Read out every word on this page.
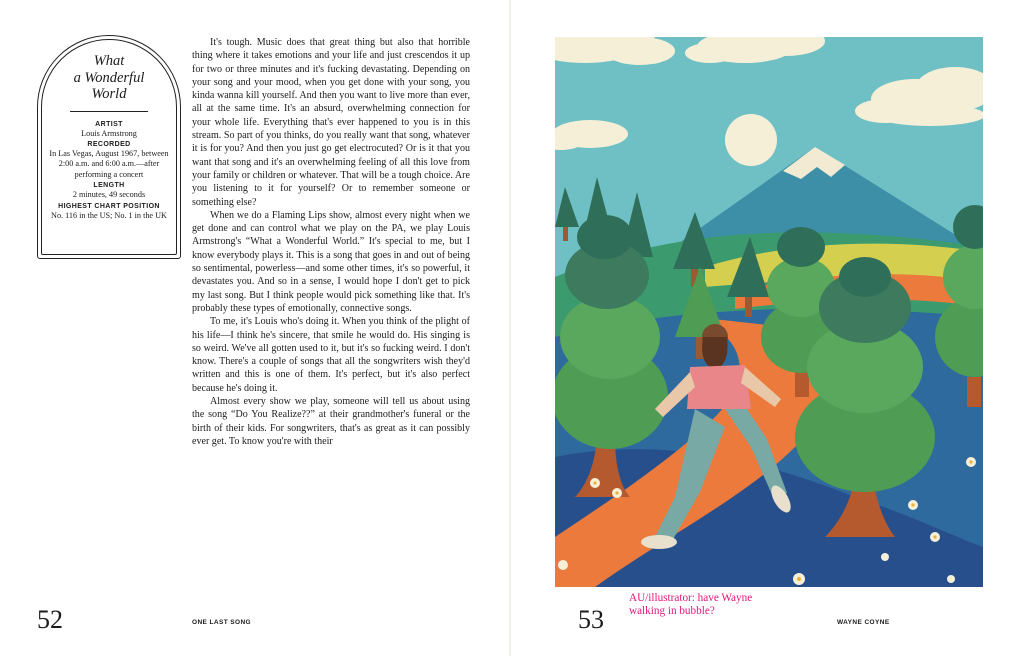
What
a Wonderful
World
ARTIST
Louis Armstrong
RECORDED
In Las Vegas, August 1967, between 2:00 a.m. and 6:00 a.m.—after performing a concert
LENGTH
2 minutes, 49 seconds
HIGHEST CHART POSITION
No. 116 in the US; No. 1 in the UK

It's tough. Music does that great thing but also that horrible thing where it takes emotions and your life and just crescendos it up for two or three minutes and it's fucking devastating. Depending on your song and your mood, when you get done with your song, you kinda wanna kill yourself. And then you want to live more than ever, all at the same time. It's an absurd, overwhelming connection for your whole life. Everything that's ever happened to you is in this stream. So part of you thinks, do you really want that song, whatever it is for you? And then you just go get electrocuted? Or is it that you want that song and it's an overwhelming feeling of all this love from your family or children or whatever. That will be a tough choice. Are you listening to it for yourself? Or to remember someone or something else?

When we do a Flaming Lips show, almost every night when we get done and can control what we play on the PA, we play Louis Armstrong's “What a Wonderful World.” It's special to me, but I know everybody plays it. This is a song that goes in and out of being so sentimental, powerless—and some other times, it's so powerful, it devastates you. And so in a sense, I would hope I don't get to pick my last song. But I think people would pick something like that. It's probably these types of emotionally, connective songs.

To me, it's Louis who's doing it. When you think of the plight of his life—I think he's sincere, that smile he would do. His singing is so weird. We've all gotten used to it, but it's so fucking weird. I don't know. There's a couple of songs that all the songwriters wish they'd written and this is one of them. It's perfect, but it's also perfect because he's doing it.

Almost every show we play, someone will tell us about using the song “Do You Realize??” at their grandmother's funeral or the birth of their kids. For songwriters, that's as great as it can possibly ever get. To know you're with their

52	ONE LAST SONG	53
AU/illustrator: have Wayne
walking in bubble?
WAYNE COYNE
